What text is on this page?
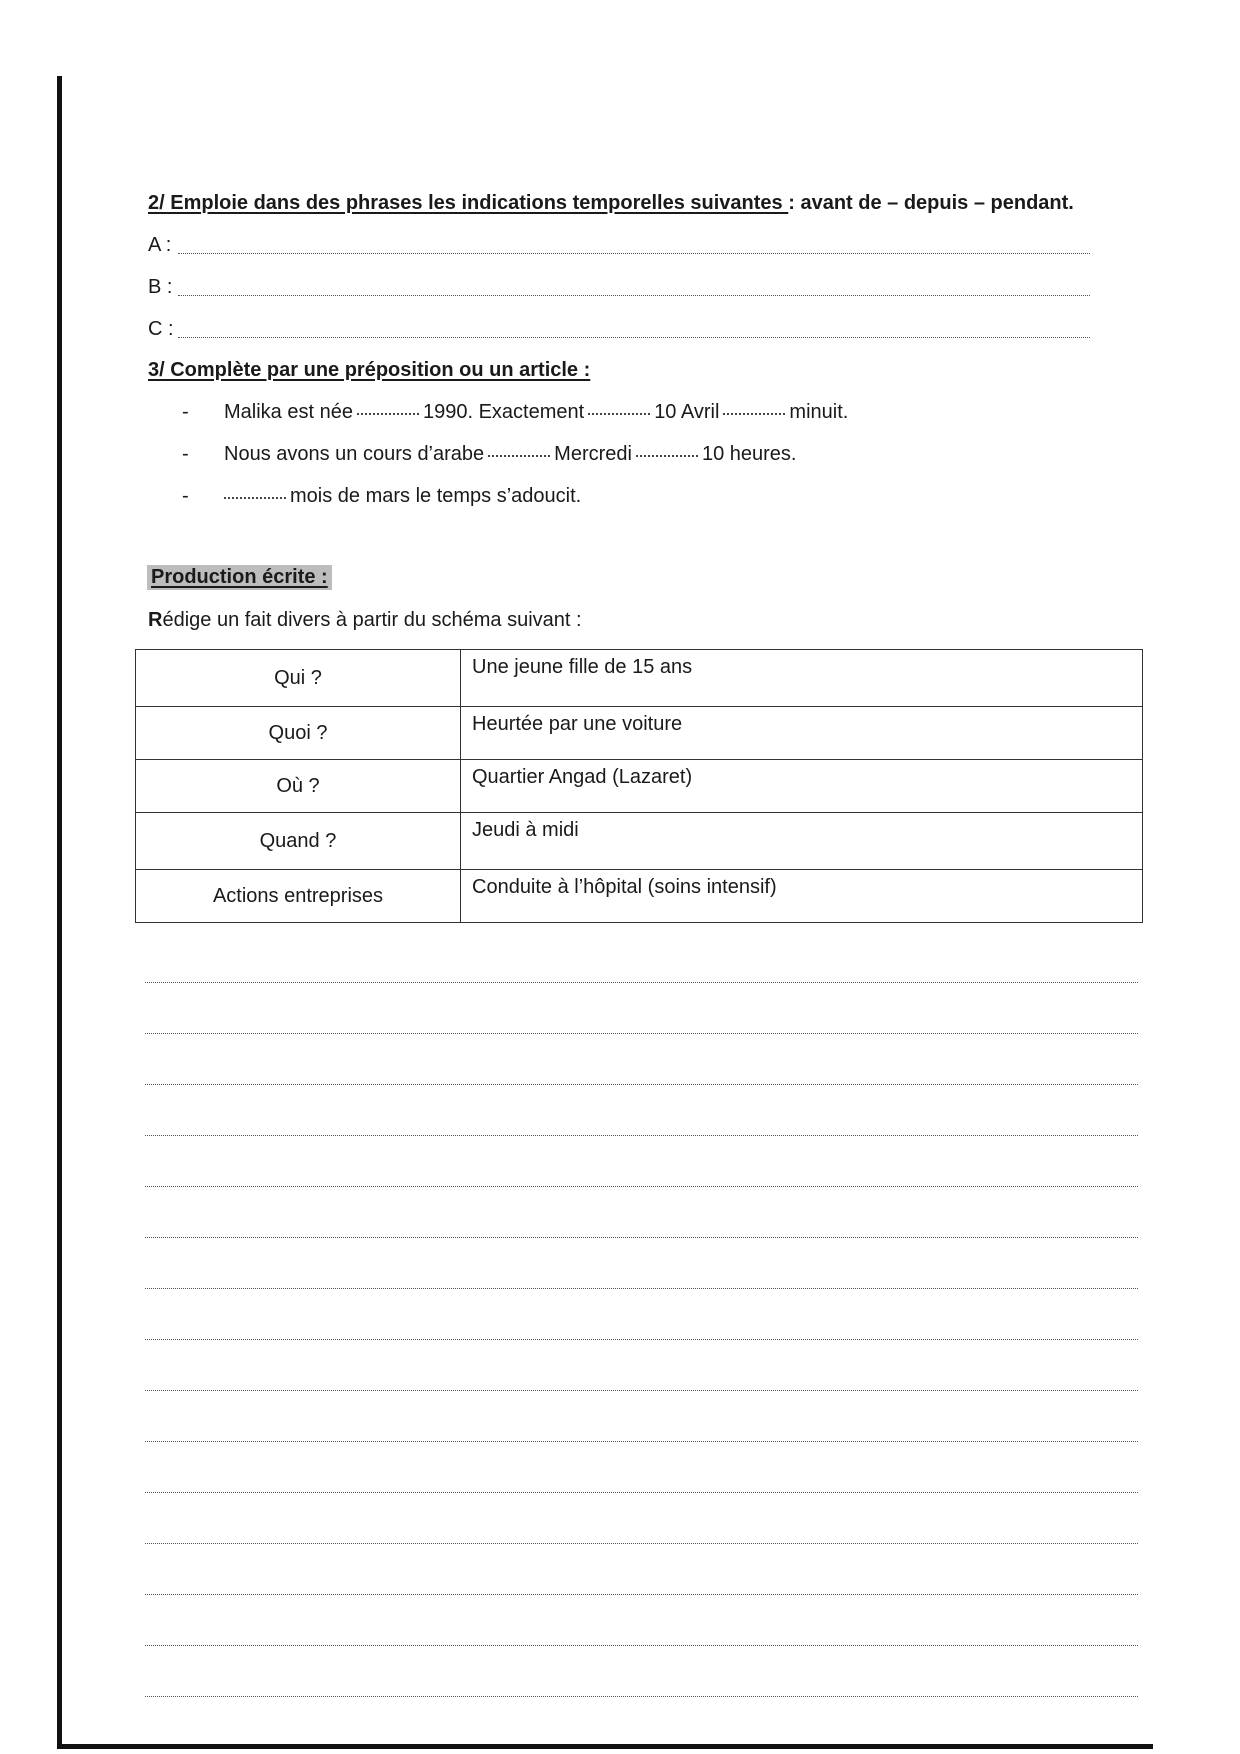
2/ Emploie dans des phrases les indications temporelles suivantes : avant de – depuis – pendant.
A :
B :
C :
3/ Complète par une préposition ou un article :
- Malika est née	1990. Exactement	10 Avril	minuit.
- Nous avons un cours d’arabe	Mercredi	10 heures.
-	mois de mars le temps s’adoucit.
Production écrite :
Rédige un fait divers à partir du schéma suivant :
Qui ?	Une jeune fille de 15 ans
Quoi ?	Heurtée par une voiture
Où ?	Quartier Angad (Lazaret)
Quand ?	Jeudi à midi
Actions entreprises	Conduite à l’hôpital (soins intensif)
